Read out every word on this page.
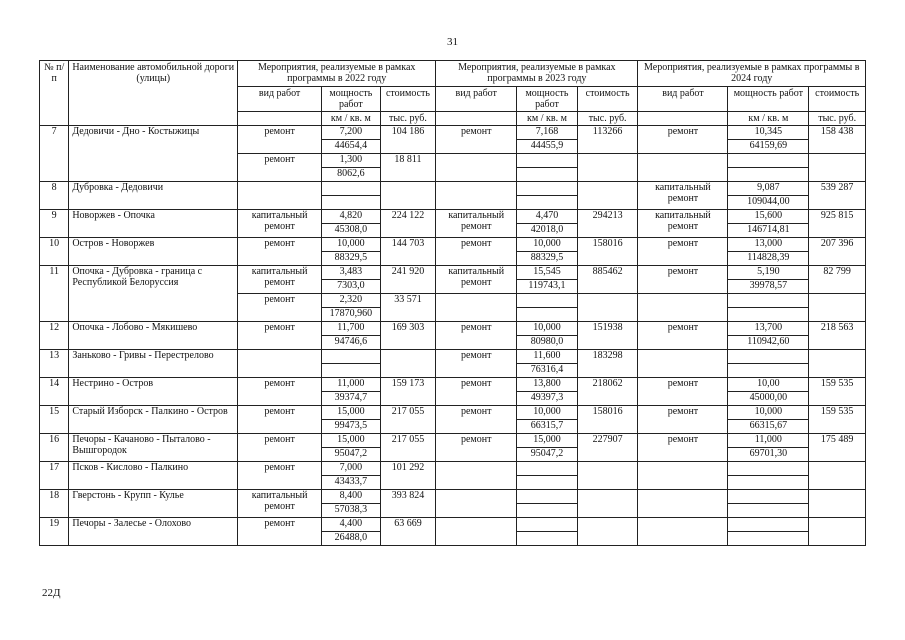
31
№ п/п	Наименование автомобильной дороги (улицы)	Мероприятия, реализуемые в рамках программы в 2022 году			Мероприятия, реализуемые в рамках программы в 2023 году			Мероприятия, реализуемые в рамках программы в 2024 году		
		вид работ	мощность работ	стоимость	вид работ	мощность работ	стоимость	вид работ	мощность работ	стоимость
			км / кв. м	тыс. руб.		км / кв. м	тыс. руб.		км / кв. м	тыс. руб.
7	Дедовичи - Дно - Костыжицы	ремонт	7,200	104 186	ремонт	7,168	113266	ремонт	10,345	158 438
			44654,4			44455,9			64159,69	
		ремонт	1,300	18 811						
			8062,6							
8	Дубровка - Дедовичи							капитальный ремонт	9,087	539 287
									109044,00	
9	Новоржев - Опочка	капитальный ремонт	4,820	224 122	капитальный ремонт	4,470	294213	капитальный ремонт	15,600	925 815
			45308,0			42018,0			146714,81	
10	Остров - Новоржев	ремонт	10,000	144 703	ремонт	10,000	158016	ремонт	13,000	207 396
			88329,5			88329,5			114828,39	
11	Опочка - Дубровка - граница с Республикой Белоруссия	капитальный ремонт	3,483	241 920	капитальный ремонт	15,545	885462	ремонт	5,190	82 799
			7303,0			119743,1			39978,57	
		ремонт	2,320	33 571						
			17870,960							
12	Опочка - Лобово - Мякишево	ремонт	11,700	169 303	ремонт	10,000	151938	ремонт	13,700	218 563
			94746,6			80980,0			110942,60	
13	Заньково - Гривы - Перестрелово				ремонт	11,600	183298			
						76316,4				
14	Нестрино - Остров	ремонт	11,000	159 173	ремонт	13,800	218062	ремонт	10,00	159 535
			39374,7			49397,3			45000,00	
15	Старый Изборск - Палкино - Остров	ремонт	15,000	217 055	ремонт	10,000	158016	ремонт	10,000	159 535
			99473,5			66315,7			66315,67	
16	Печоры - Качаново - Пыталово - Вышгородок	ремонт	15,000	217 055	ремонт	15,000	227907	ремонт	11,000	175 489
			95047,2			95047,2			69701,30	
17	Псков - Кислово - Палкино	ремонт	7,000	101 292						
			43433,7							
18	Гверстонь - Крупп - Кулье	капитальный ремонт	8,400	393 824						
			57038,3							
19	Печоры - Залесье - Олохово	ремонт	4,400	63 669						
			26488,0							
22Д
